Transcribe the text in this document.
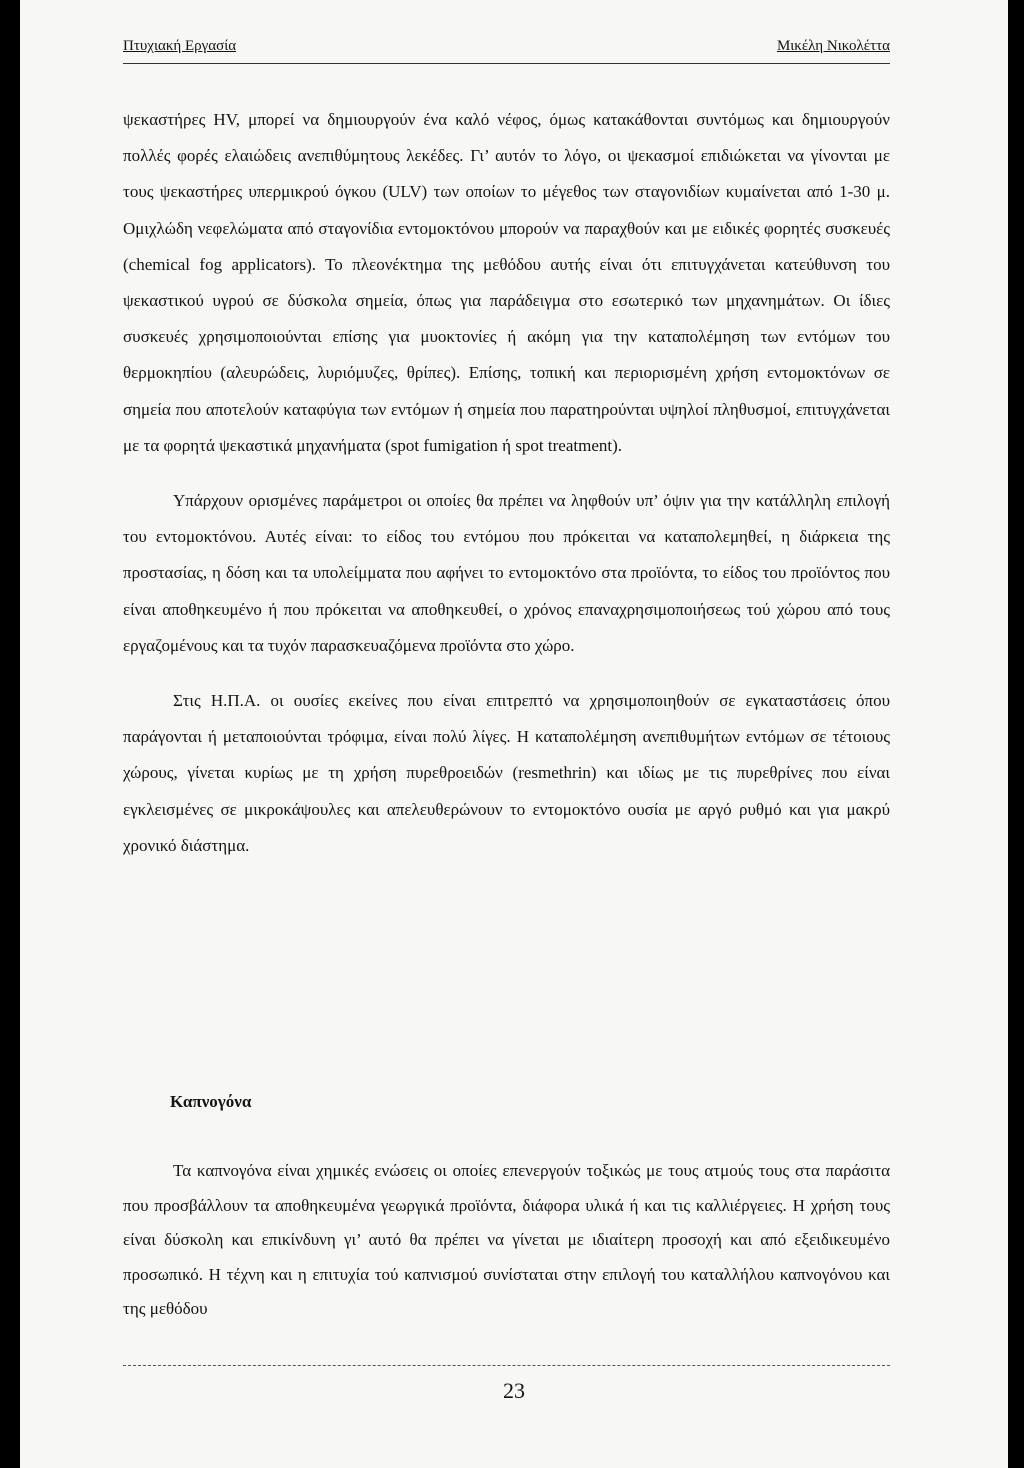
Πτυχιακή Εργασία	Μικέλη Νικολέττα

ψεκαστήρες HV, μπορεί να δημιουργούν ένα καλό νέφος, όμως κατακάθονται συντόμως και δημιουργούν πολλές φορές ελαιώδεις ανεπιθύμητους λεκέδες. Γι’ αυτόν το λόγο, οι ψεκασμοί επιδιώκεται να γίνονται με τους ψεκαστήρες υπερμικρού όγκου (ULV) των οποίων το μέγεθος των σταγονιδίων κυμαίνεται από 1-30 μ. Ομιχλώδη νεφελώματα από σταγονίδια εντομοκτόνου μπορούν να παραχθούν και με ειδικές φορητές συσκευές (chemical fog applicators). Το πλεονέκτημα της μεθόδου αυτής είναι ότι επιτυγχάνεται κατεύθυνση του ψεκαστικού υγρού σε δύσκολα σημεία, όπως για παράδειγμα στο εσωτερικό των μηχανημάτων. Οι ίδιες συσκευές χρησιμοποιούνται επίσης για μυοκτονίες ή ακόμη για την καταπολέμηση των εντόμων του θερμοκηπίου (αλευρώδεις, λυριόμυζες, θρίπες). Επίσης, τοπική και περιορισμένη χρήση εντομοκτόνων σε σημεία που αποτελούν καταφύγια των εντόμων ή σημεία που παρατηρούνται υψηλοί πληθυσμοί, επιτυγχάνεται με τα φορητά ψεκαστικά μηχανήματα (spot fumigation ή spot treatment).

Υπάρχουν ορισμένες παράμετροι οι οποίες θα πρέπει να ληφθούν υπ’ όψιν για την κατάλληλη επιλογή του εντομοκτόνου. Αυτές είναι: το είδος του εντόμου που πρόκειται να καταπολεμηθεί, η διάρκεια της προστασίας, η δόση και τα υπολείμματα που αφήνει το εντομοκτόνο στα προϊόντα, το είδος του προϊόντος που είναι αποθηκευμένο ή που πρόκειται να αποθηκευθεί, ο χρόνος επαναχρησιμοποιήσεως τού χώρου από τους εργαζομένους και τα τυχόν παρασκευαζόμενα προϊόντα στο χώρο.

Στις Η.Π.Α. οι ουσίες εκείνες που είναι επιτρεπτό να χρησιμοποιηθούν σε εγκαταστάσεις όπου παράγονται ή μεταποιούνται τρόφιμα, είναι πολύ λίγες. Η καταπολέμηση ανεπιθυμήτων εντόμων σε τέτοιους χώρους, γίνεται κυρίως με τη χρήση πυρεθροειδών (resmethrin) και ιδίως με τις πυρεθρίνες που είναι εγκλεισμένες σε μικροκάψουλες και απελευθερώνουν το εντομοκτόνο ουσία με αργό ρυθμό και για μακρύ χρονικό διάστημα.

Καπνογόνα

Τα καπνογόνα είναι χημικές ενώσεις οι οποίες επενεργούν τοξικώς με τους ατμούς τους στα παράσιτα που προσβάλλουν τα αποθηκευμένα γεωργικά προϊόντα, διάφορα υλικά ή και τις καλλιέργειες. Η χρήση τους είναι δύσκολη και επικίνδυνη γι’ αυτό θα πρέπει να γίνεται με ιδιαίτερη προσοχή και από εξειδικευμένο προσωπικό. Η τέχνη και η επιτυχία τού καπνισμού συνίσταται στην επιλογή του καταλλήλου καπνογόνου και της μεθόδου

23
